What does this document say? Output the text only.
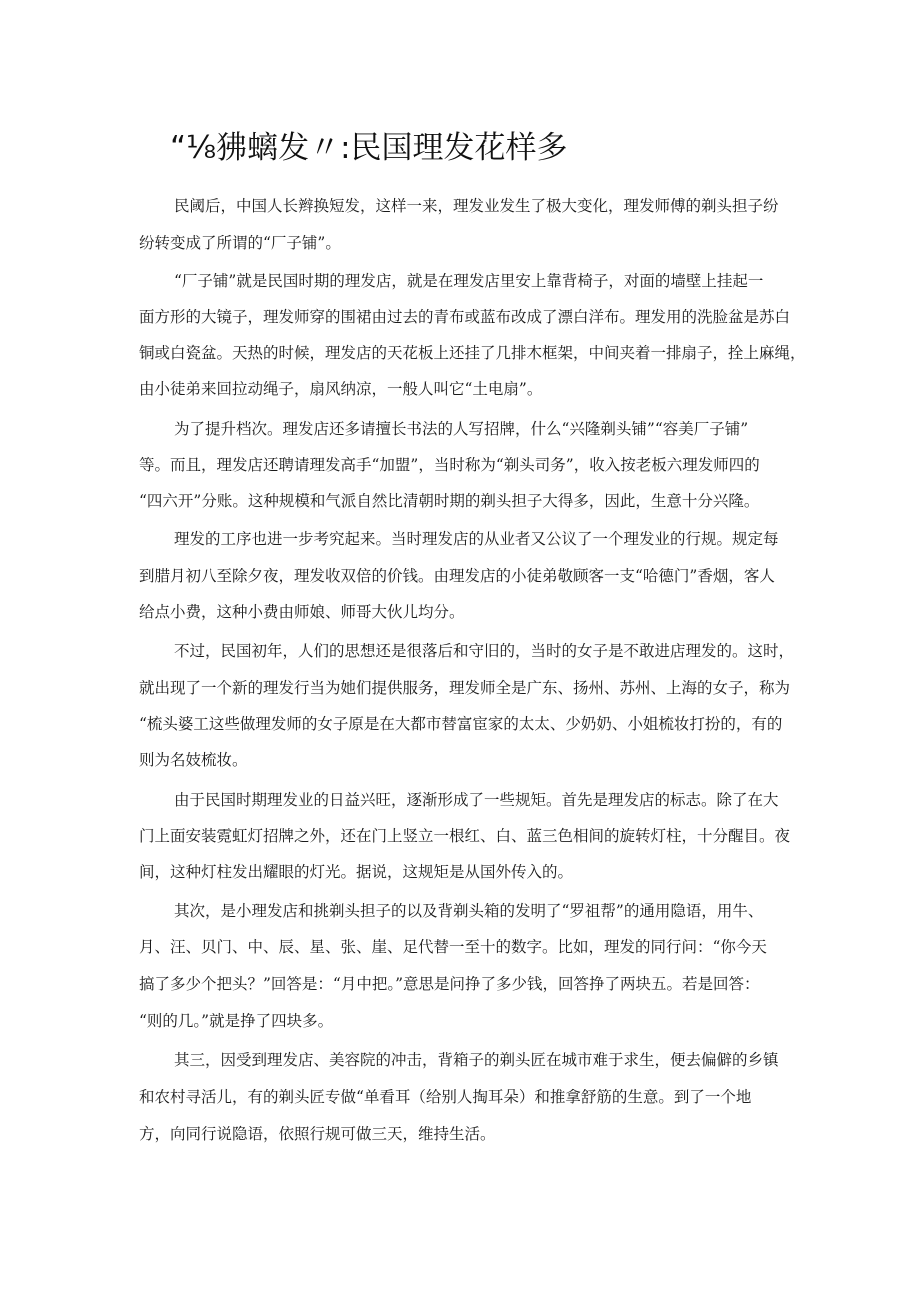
“⅛狒螭发〃:民国理发花样多
民阈后，中国人长辫换短发，这样一来，理发业发生了极大变化，理发师傅的剃头担子纷
纷转变成了所谓的“厂子铺”。
“厂子铺”就是民国时期的理发店，就是在理发店里安上靠背椅子，对面的墙壁上挂起一
面方形的大镜子，理发师穿的围裙由过去的青布或蓝布改成了漂白洋布。理发用的洗脸盆是苏白
铜或白瓷盆。天热的时候，理发店的天花板上还挂了几排木框架，中间夹着一排扇子，拴上麻绳，
由小徒弟来回拉动绳子，扇风纳凉，一般人叫它“土电扇”。
为了提升档次。理发店还多请擅长书法的人写招牌，什么“兴隆剃头铺”“容美厂子铺”
等。而且，理发店还聘请理发高手“加盟”，当时称为“剃头司务”，收入按老板六理发师四的
“四六开”分账。这种规模和气派自然比清朝时期的剃头担子大得多，因此，生意十分兴隆。
理发的工序也进一步考究起来。当时理发店的从业者又公议了一个理发业的行规。规定每
到腊月初八至除夕夜，理发收双倍的价钱。由理发店的小徒弟敬顾客一支“哈德门”香烟，客人
给点小费，这种小费由师娘、师哥大伙儿均分。
不过，民国初年，人们的思想还是很落后和守旧的，当时的女子是不敢进店理发的。这时，
就出现了一个新的理发行当为她们提供服务，理发师全是广东、扬州、苏州、上海的女子，称为
“梳头婆工这些做理发师的女子原是在大都市替富宦家的太太、少奶奶、小姐梳妆打扮的，有的
则为名妓梳妆。
由于民国时期理发业的日益兴旺，逐渐形成了一些规矩。首先是理发店的标志。除了在大
门上面安装霓虹灯招牌之外，还在门上竖立一根红、白、蓝三色相间的旋转灯柱，十分醒目。夜
间，这种灯柱发出耀眼的灯光。据说，这规矩是从国外传入的。
其次，是小理发店和挑剃头担子的以及背剃头箱的发明了“罗祖帮”的通用隐语，用牛、
月、汪、贝门、中、辰、星、张、崖、足代替一至十的数字。比如，理发的同行问：“你今天
搞了多少个把头？”回答是：“月中把。”意思是问挣了多少钱，回答挣了两块五。若是回答：
“则的几。”就是挣了四块多。
其三，因受到理发店、美容院的冲击，背箱子的剃头匠在城市难于求生，便去偏僻的乡镇
和农村寻活儿，有的剃头匠专做“单看耳（给别人掏耳朵）和推拿舒筋的生意。到了一个地
方，向同行说隐语，依照行规可做三天，维持生活。
